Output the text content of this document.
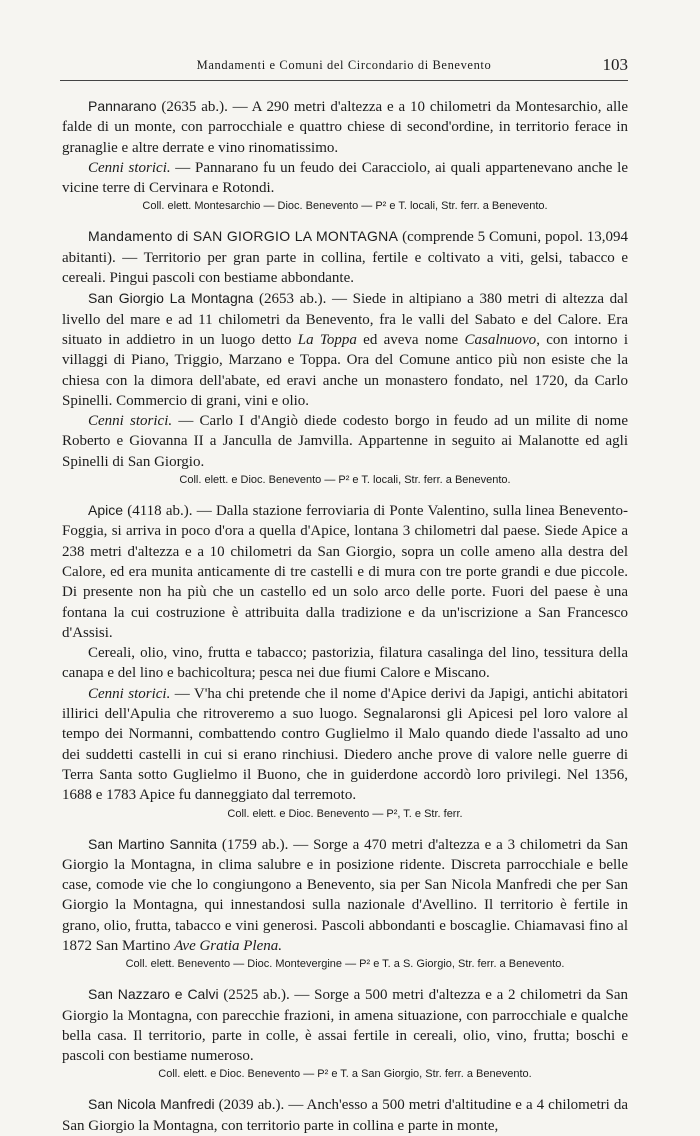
Mandamenti e Comuni del Circondario di Benevento	103

Pannarano (2635 ab.). — A 290 metri d'altezza e a 10 chilometri da Montesarchio, alle falde di un monte, con parrocchiale e quattro chiese di second'ordine, in territorio ferace in granaglie e altre derrate e vino rinomatissimo.

Cenni storici. — Pannarano fu un feudo dei Caracciolo, ai quali appartenevano anche le vicine terre di Cervinara e Rotondi.

Coll. elett. Montesarchio — Dioc. Benevento — P² e T. locali, Str. ferr. a Benevento.

Mandamento di SAN GIORGIO LA MONTAGNA (comprende 5 Comuni, popol. 13,094 abitanti). — Territorio per gran parte in collina, fertile e coltivato a viti, gelsi, tabacco e cereali. Pingui pascoli con bestiame abbondante.

San Giorgio La Montagna (2653 ab.). — Siede in altipiano a 380 metri di altezza dal livello del mare e ad 11 chilometri da Benevento, fra le valli del Sabato e del Calore. Era situato in addietro in un luogo detto La Toppa ed aveva nome Casalnuovo, con intorno i villaggi di Piano, Triggio, Marzano e Toppa. Ora del Comune antico più non esiste che la chiesa con la dimora dell'abate, ed eravi anche un monastero fondato, nel 1720, da Carlo Spinelli. Commercio di grani, vini e olio.

Cenni storici. — Carlo I d'Angiò diede codesto borgo in feudo ad un milite di nome Roberto e Giovanna II a Janculla de Jamvilla. Appartenne in seguito ai Malanotte ed agli Spinelli di San Giorgio.

Coll. elett. e Dioc. Benevento — P² e T. locali, Str. ferr. a Benevento.

Apice (4118 ab.). — Dalla stazione ferroviaria di Ponte Valentino, sulla linea Benevento-Foggia, si arriva in poco d'ora a quella d'Apice, lontana 3 chilometri dal paese. Siede Apice a 238 metri d'altezza e a 10 chilometri da San Giorgio, sopra un colle ameno alla destra del Calore, ed era munita anticamente di tre castelli e di mura con tre porte grandi e due piccole. Di presente non ha più che un castello ed un solo arco delle porte. Fuori del paese è una fontana la cui costruzione è attribuita dalla tradizione e da un'iscrizione a San Francesco d'Assisi.

Cereali, olio, vino, frutta e tabacco; pastorizia, filatura casalinga del lino, tessitura della canapa e del lino e bachicoltura; pesca nei due fiumi Calore e Miscano.

Cenni storici. — V'ha chi pretende che il nome d'Apice derivi da Japigi, antichi abitatori illirici dell'Apulia che ritroveremo a suo luogo. Segnalaronsi gli Apicesi pel loro valore al tempo dei Normanni, combattendo contro Guglielmo il Malo quando diede l'assalto ad uno dei suddetti castelli in cui si erano rinchiusi. Diedero anche prove di valore nelle guerre di Terra Santa sotto Guglielmo il Buono, che in guiderdone accordò loro privilegi. Nel 1356, 1688 e 1783 Apice fu danneggiato dal terremoto.

Coll. elett. e Dioc. Benevento — P², T. e Str. ferr.

San Martino Sannita (1759 ab.). — Sorge a 470 metri d'altezza e a 3 chilometri da San Giorgio la Montagna, in clima salubre e in posizione ridente. Discreta parrocchiale e belle case, comode vie che lo congiungono a Benevento, sia per San Nicola Manfredi che per San Giorgio la Montagna, qui innestandosi sulla nazionale d'Avellino. Il territorio è fertile in grano, olio, frutta, tabacco e vini generosi. Pascoli abbondanti e boscaglie. Chiamavasi fino al 1872 San Martino Ave Gratia Plena.

Coll. elett. Benevento — Dioc. Montevergine — P² e T. a S. Giorgio, Str. ferr. a Benevento.

San Nazzaro e Calvi (2525 ab.). — Sorge a 500 metri d'altezza e a 2 chilometri da San Giorgio la Montagna, con parecchie frazioni, in amena situazione, con parrocchiale e qualche bella casa. Il territorio, parte in colle, è assai fertile in cereali, olio, vino, frutta; boschi e pascoli con bestiame numeroso.

Coll. elett. e Dioc. Benevento — P² e T. a San Giorgio, Str. ferr. a Benevento.

San Nicola Manfredi (2039 ab.). — Anch'esso a 500 metri d'altitudine e a 4 chilometri da San Giorgio la Montagna, con territorio parte in collina e parte in monte,
